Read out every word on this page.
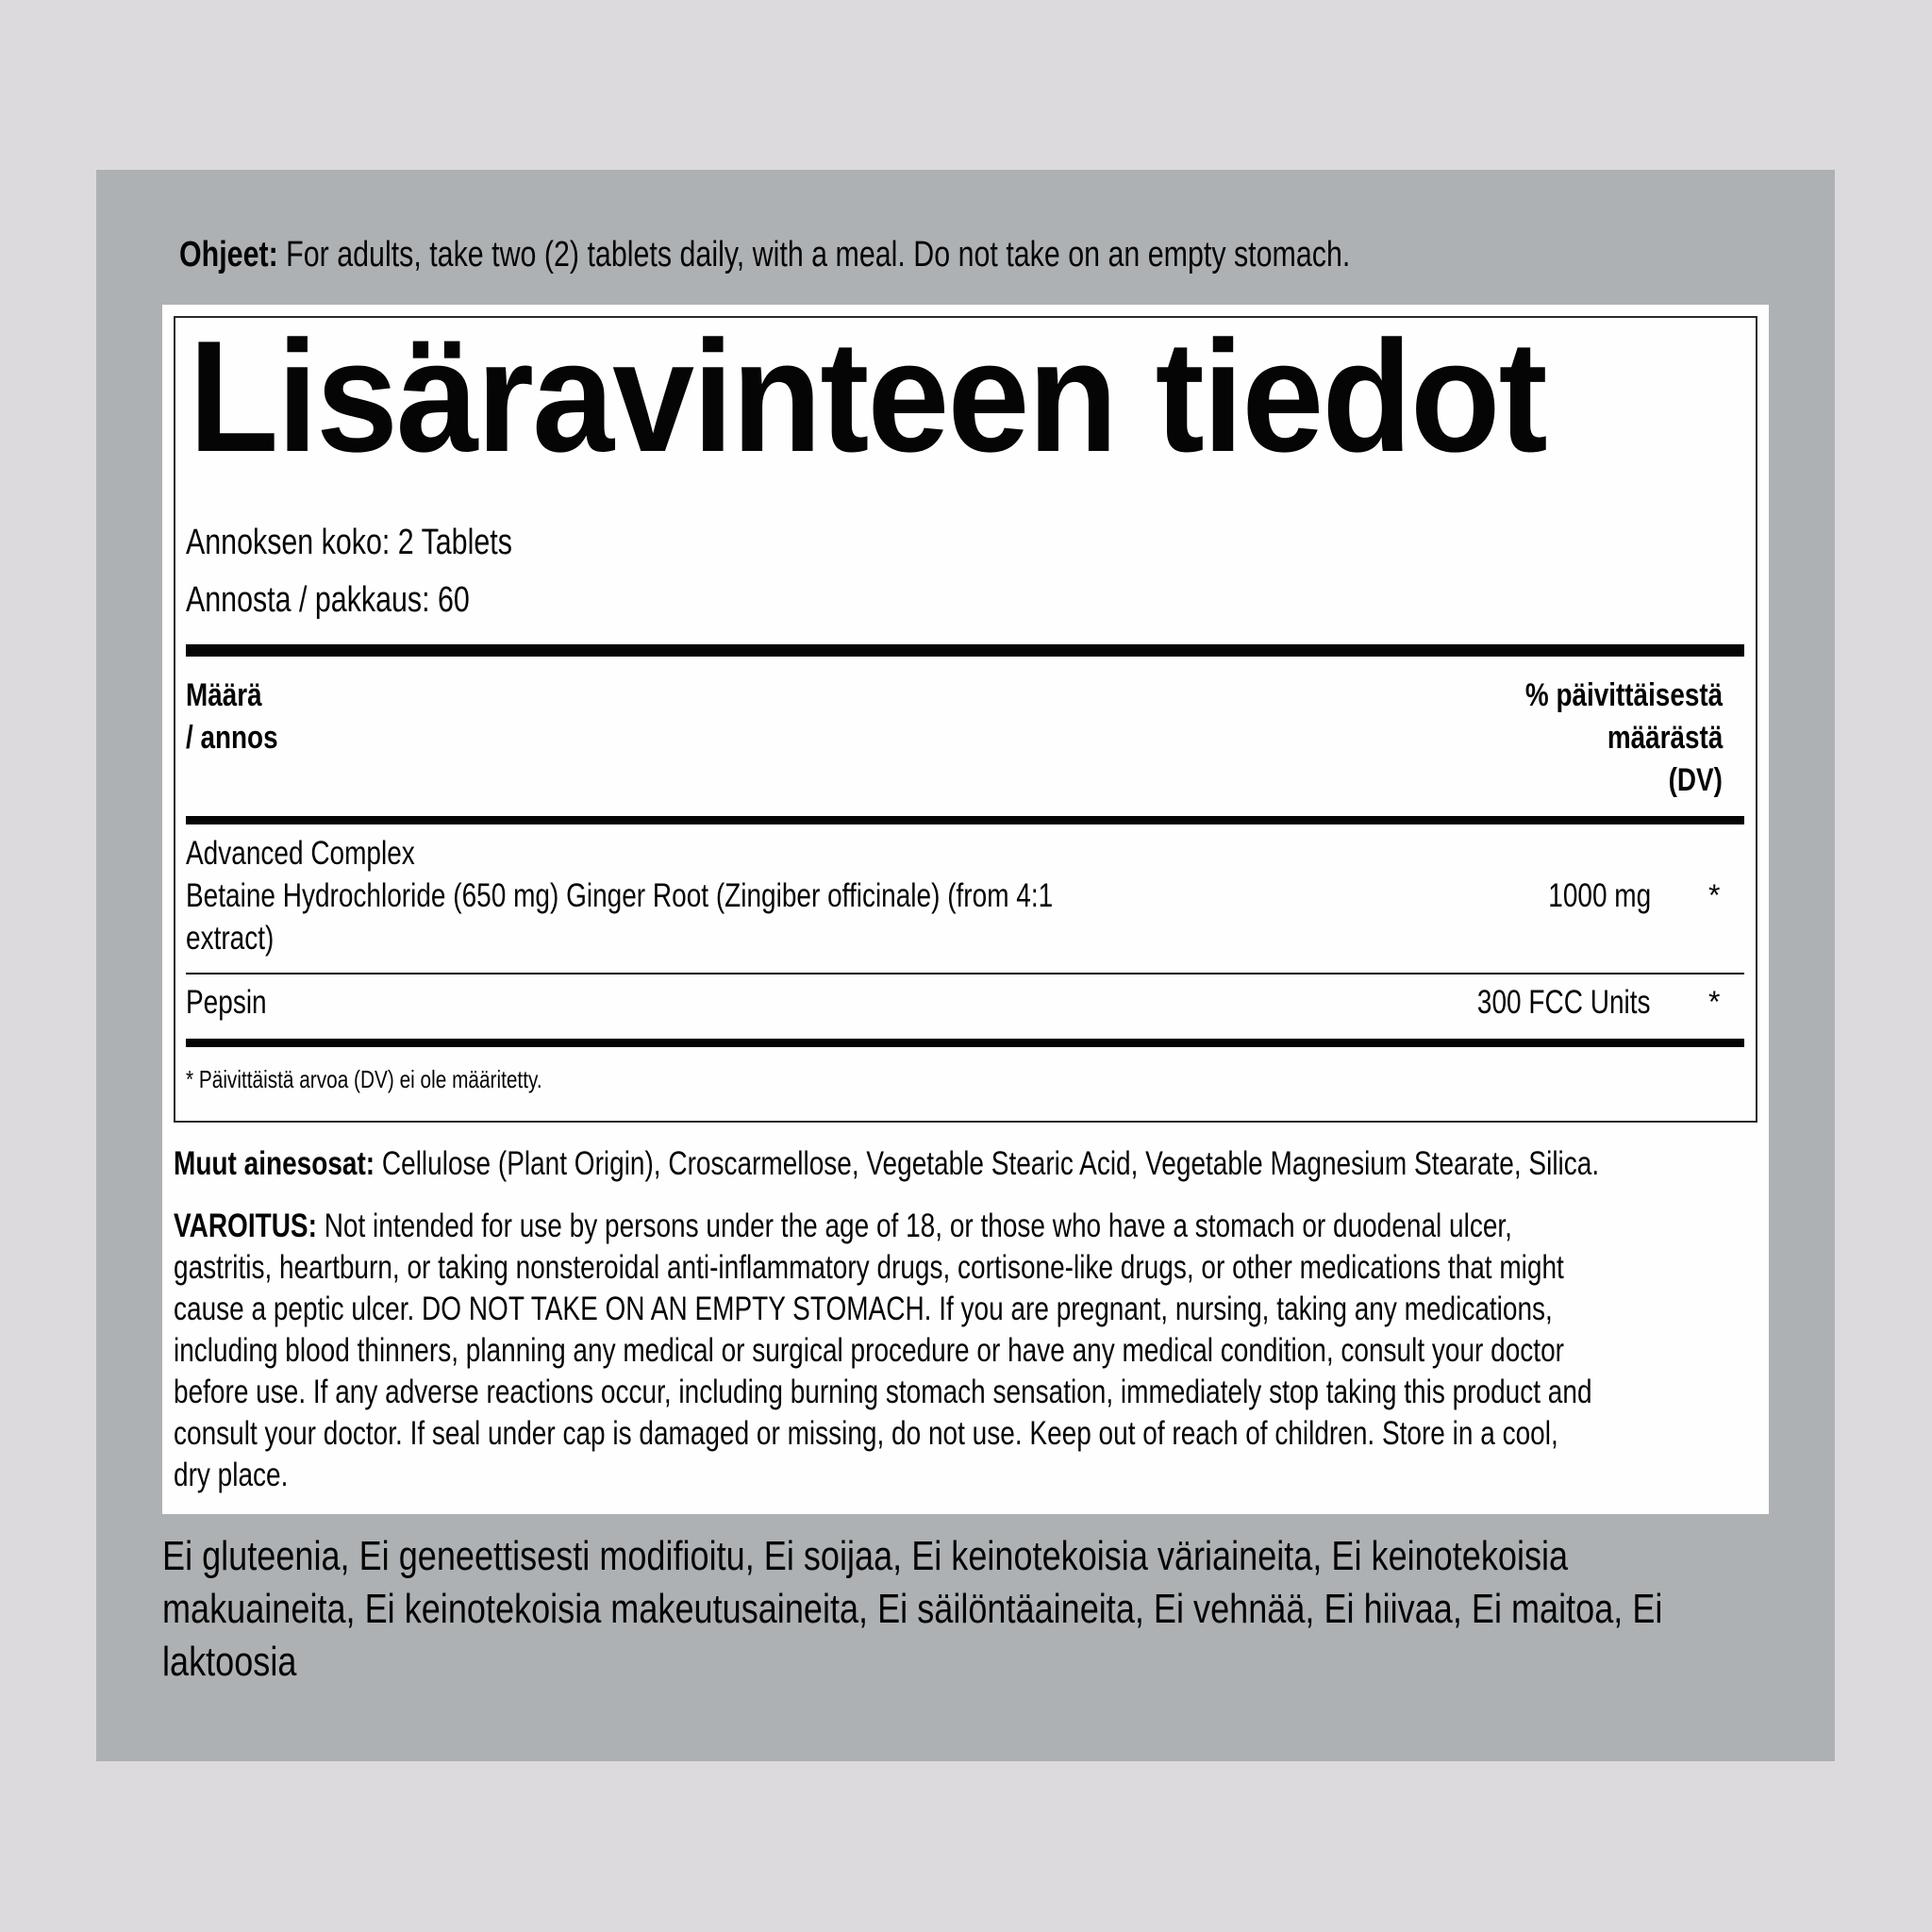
Ohjeet: For adults, take two (2) tablets daily, with a meal. Do not take on an empty stomach.
Lisäravinteen tiedot
Annoksen koko: 2 Tablets
Annosta / pakkaus: 60
Määrä
/ annos
% päivittäisestä
määrästä
(DV)
Advanced Complex
Betaine Hydrochloride (650 mg) Ginger Root (Zingiber officinale) (from 4:1
extract)
1000 mg *
Pepsin	300 FCC Units *
* Päivittäistä arvoa (DV) ei ole määritetty.
Muut ainesosat: Cellulose (Plant Origin), Croscarmellose, Vegetable Stearic Acid, Vegetable Magnesium Stearate, Silica.
VAROITUS: Not intended for use by persons under the age of 18, or those who have a stomach or duodenal ulcer,
gastritis, heartburn, or taking nonsteroidal anti-inflammatory drugs, cortisone-like drugs, or other medications that might
cause a peptic ulcer. DO NOT TAKE ON AN EMPTY STOMACH. If you are pregnant, nursing, taking any medications,
including blood thinners, planning any medical or surgical procedure or have any medical condition, consult your doctor
before use. If any adverse reactions occur, including burning stomach sensation, immediately stop taking this product and
consult your doctor. If seal under cap is damaged or missing, do not use. Keep out of reach of children. Store in a cool,
dry place.
Ei gluteenia, Ei geneettisesti modifioitu, Ei soijaa, Ei keinotekoisia väriaineita, Ei keinotekoisia
makuaineita, Ei keinotekoisia makeutusaineita, Ei säilöntäaineita, Ei vehnää, Ei hiivaa, Ei maitoa, Ei
laktoosia
